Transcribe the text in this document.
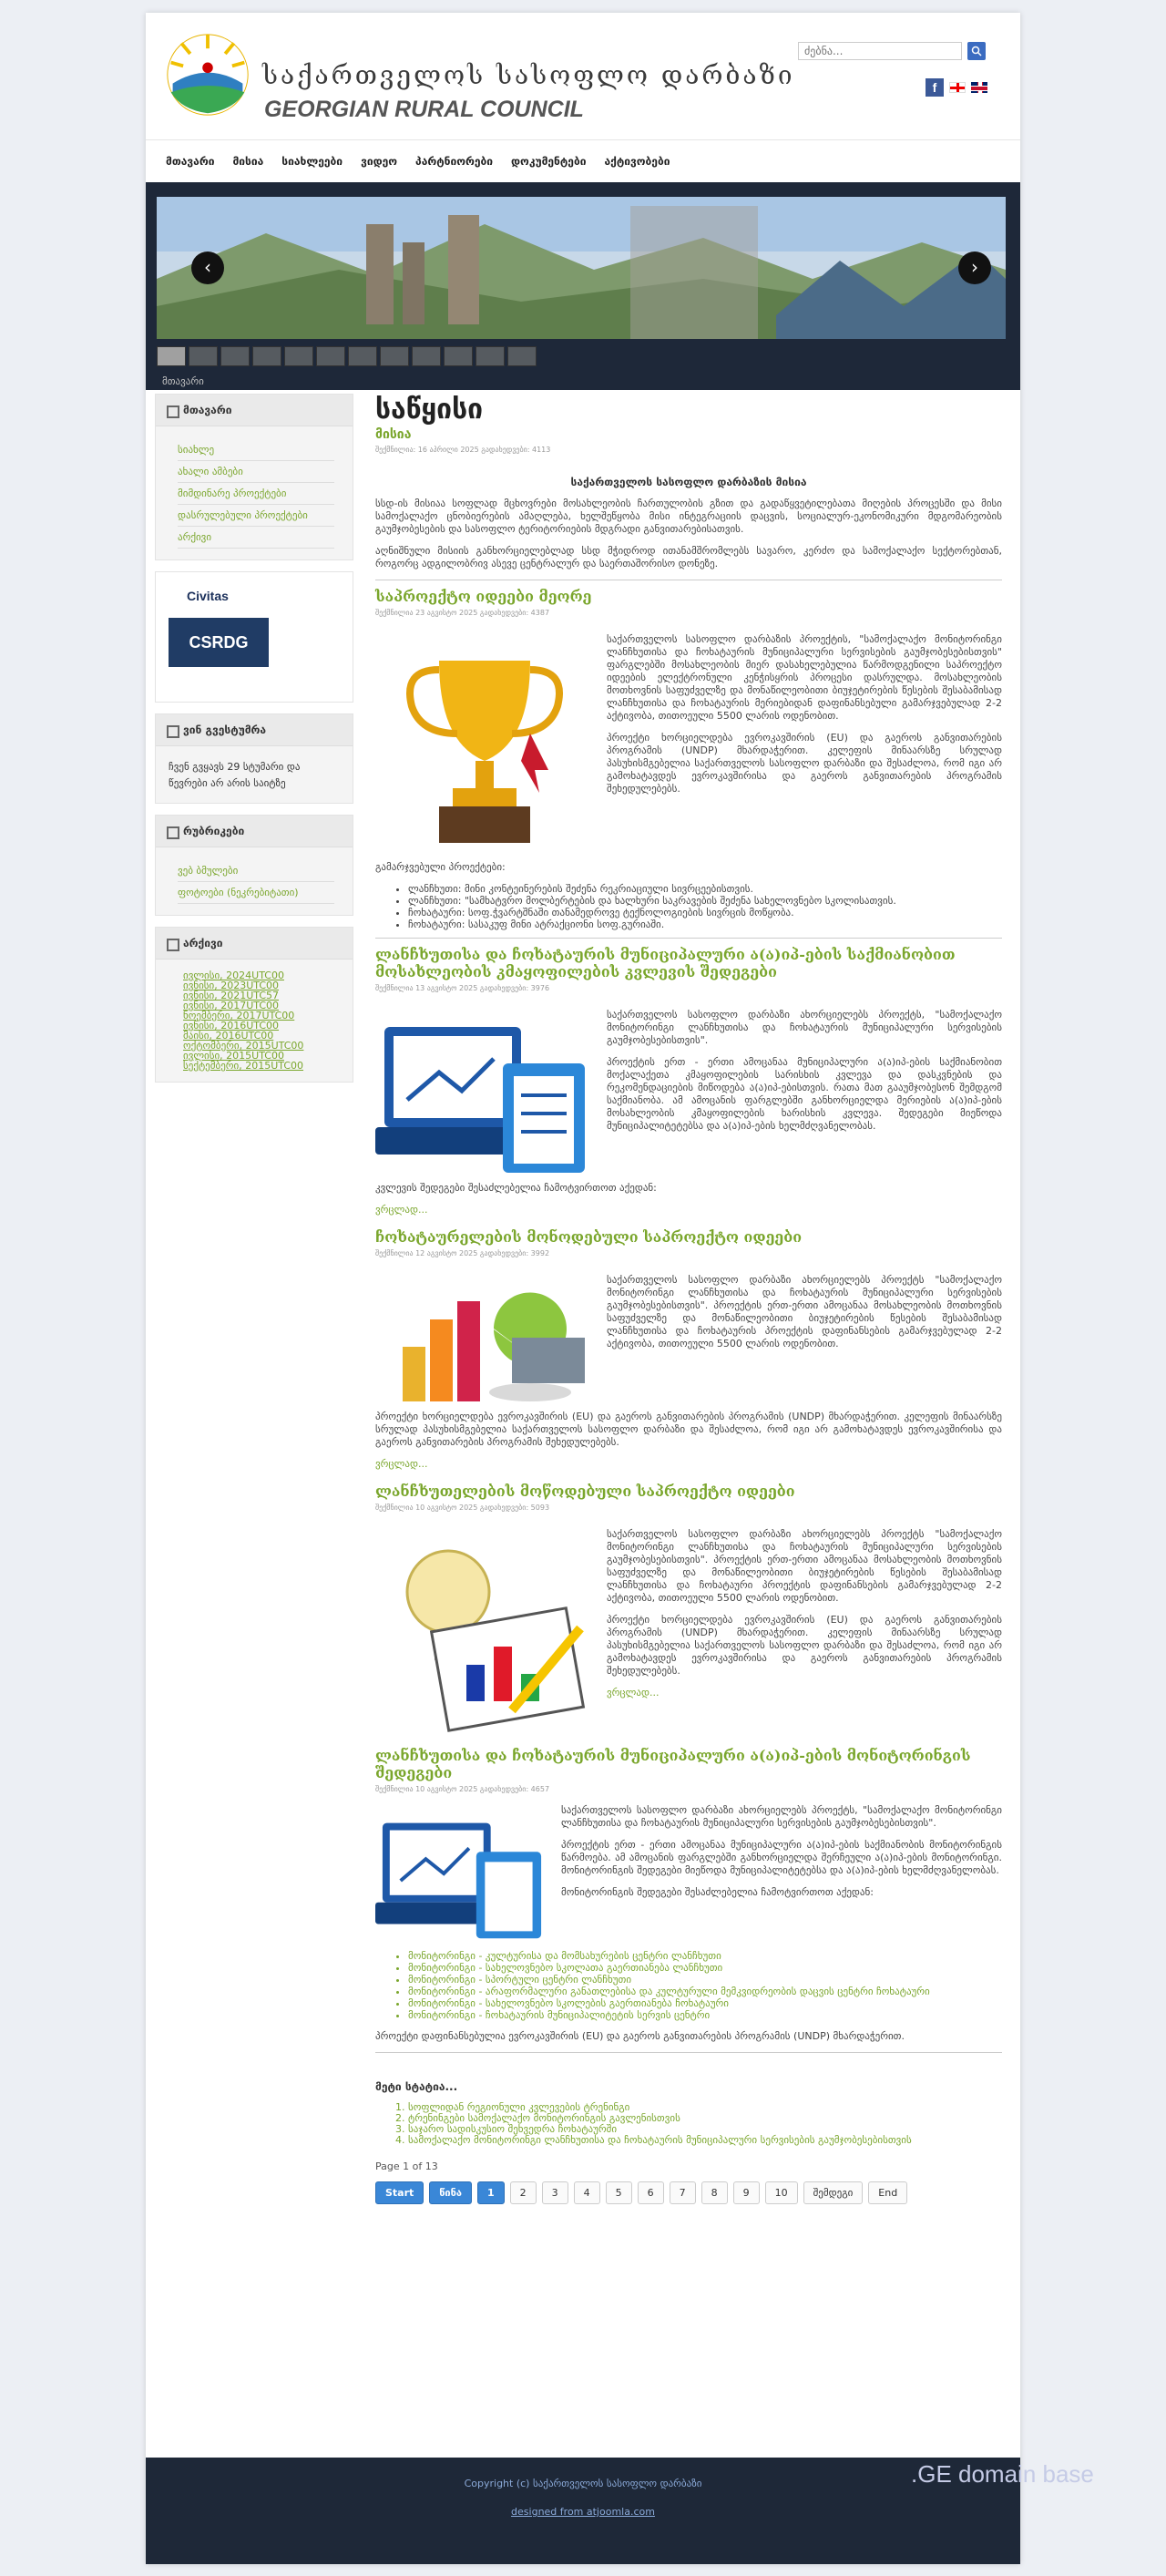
საქართველოს სასოფლო დარბაზი
GEORGIAN RURAL COUNCIL
ძებნა...
f
მთავარი	მისია	სიახლეები	ვიდეო	პარტნიორები	დოკუმენტები	აქტივობები
‹	›
მთავარი
მთავარი
სიახლე
ახალი ამბები
მიმდინარე პროექტები
დასრულებული პროექტები
არქივი
Civitas
CSRDG
ვინ გვესტუმრა
ჩვენ გვყავს 29 სტუმარი და წევრები არ არის საიტზე
რუბრიკები
ვებ ბმულები
ფოტოები (ნეკრებიტათი)
არქივი
ივლისი, 2024UTC00
ივნისი, 2023UTC00
ივნისი, 2021UTC57
ივნისი, 2017UTC00
ნოემბერი, 2017UTC00
ივნისი, 2016UTC00
მაისი, 2016UTC00
ოქტომბერი, 2015UTC00
ივლისი, 2015UTC00
სექტემბერი, 2015UTC00
საწყისი
მისია
შექმნილია: 16 აპრილი 2025 გადახედვები: 4113
საქართველოს სასოფლო დარბაზის მისია
სსდ-ის მისიაა სოფლად მცხოვრები მოსახლეობის ჩართულობის გზით და გადაწყვეტილებათა მიღების პროცესში და მისი სამოქალაქო ცნობიერების ამაღლება, ხელშეწყობა მისი ინტეგრაციის დაცვის, სოციალურ-ეკონომიკური მდგომარეობის გაუმჯობესების და სასოფლო ტერიტორიების მდგრადი განვითარებისათვის.
აღნიშნული მისიის განხორციელებლად სსდ მჭიდროდ ითანამშრომლებს სავარო, კერძო და სამოქალაქო სექტორებთან, როგორც ადგილობრივ ასევე ცენტრალურ და საერთაშორისო დონეზე.
საპროექტო იდეები მეორე
შექმნილია 23 აგვისტო 2025 გადახედვები: 4387
საქართველოს სასოფლო დარბაზის პროექტის, "სამოქალაქო მონიტორინგი ლანჩხუთისა და ჩოხატაურის მუნიციპალური სერვისების გაუმჯობესებისთვის" ფარგლებში მოსახლეობის მიერ დასახელებულია წარმოდგენილი საპროექტო იდეების ელექტრონული კენჭისყრის პროცესი დასრულდა. მოსახლეობის მოთხოვნის საფუძველზე და მონაწილეობითი ბიუჯეტირების წესების შესაბამისად ლანჩხუთისა და ჩოხატაურის მერიებიდან დაფინანსებული გამარჯვებულად 2-2 აქტივობა, თითოეული 5500 ლარის ოდენობით.
პროექტი ხორციელდება ევროკავშირის (EU) და გაეროს განვითარების პროგრამის (UNDP) მხარდაჭერით. კელეფის მინაარსზე სრულად პასუხისმგებელია საქართველოს სასოფლო დარბაზი და შესაძლოა, რომ იგი არ გამოხატავდეს ევროკავშირისა და გაეროს განვითარების პროგრამის შეხედულებებს.
გამარჯვებული პროექტები:
• ლანჩხუთი: მინი კონტეინერების შეძენა რეკრიაციული სივრცეებისთვის.
• ლანჩხუთი: "სამხატვრო მოლბერტების და ხალხური საკრავების შეძენა სახელოვნებო სკოლისათვის.
• ჩოხატაური: სოფ.ჭვარტშნაში თანამედროვე ტექნოლოგიების სივრცის მოწყობა.
• ჩოხატაური: სასაკუფ მინი ატრაქციონი სოფ.გურიაში.
ლანჩხუთისა და ჩოხატაურის მუნიციპალური ა(ა)იპ-ების საქმიანობით მოსახლეობის კმაყოფილების კვლევის შედეგები
შექმნილია 13 აგვისტო 2025 გადახედვები: 3976
საქართველოს სასოფლო დარბაზი ახორციელებს პროექტს, "სამოქალაქო მონიტორინგი ლანჩხუთისა და ჩოხატაურის მუნიციპალური სერვისების გაუმჯობესებისთვის".
პროექტის ერთ - ერთი ამოცანაა მუნიციპალური ა(ა)იპ-ების საქმიანობით მოქალაქეთა კმაყოფილების სარისხის კვლევა და დასკვნების და რეკომენდაციების მიწოდება ა(ა)იპ-ებისთვის. რათა მათ გააუმჯობესონ შემდგომ საქმიანობა. ამ ამოცანის ფარგლებში განხორციელდა მერიების ა(ა)იპ-ების მოსახლეობის კმაყოფილების ხარისხის კვლევა. შედეგები მიეწოდა მუნიციპალიტეტებსა და ა(ა)იპ-ების ხელმძღვანელობას.
კვლევის შედეგები შესაძლებელია ჩამოტვირთოთ აქედან:
ვრცლად...
ჩოხატაურელების მონოდებული საპროექტო იდეები
შექმნილია 12 აგვისტო 2025 გადახედვები: 3992
საქართველოს სასოფლო დარბაზი ახორციელებს პროექტს "სამოქალაქო მონიტორინგი ლანჩხუთისა და ჩოხატაურის მუნიციპალური სერვისების გაუმჯობესებისთვის". პროექტის ერთ-ერთი ამოცანაა მოსახლეობის მოთხოვნის საფუძველზე და მონაწილეობითი ბიუჯეტირების წესების შესაბამისად ლანჩხუთისა და ჩოხატაურის პროექტის დაფინანსების გამარჯვებულად 2-2 აქტივობა, თითოეული 5500 ლარის ოდენობით.
პროექტი ხორციელდება ევროკავშირის (EU) და გაეროს განვითარების პროგრამის (UNDP) მხარდაჭერით. კელეფის მინაარსზე სრულად პასუხისმგებელია საქართველოს სასოფლო დარბაზი და შესაძლოა, რომ იგი არ გამოხატავდეს ევროკავშირისა და გაეროს განვითარების პროგრამის შეხედულებებს.
ვრცლად...
ლანჩხუთელების მოწოდებული საპროექტო იდეები
შექმნილია 10 აგვისტო 2025 გადახედვები: 5093
საქართველოს სასოფლო დარბაზი ახორციელებს პროექტს "სამოქალაქო მონიტორინგი ლანჩხუთისა და ჩოხატაურის მუნიციპალური სერვისების გაუმჯობესებისთვის". პროექტის ერთ-ერთი ამოცანაა მოსახლეობის მოთხოვნის საფუძველზე და მონაწილეობითი ბიუჯეტირების წესების შესაბამისად ლანჩხუთისა და ჩოხატაური პროექტის დაფინანსების გამარჯვებულად 2-2 აქტივობა, თითოეული 5500 ლარის ოდენობით.
პროექტი ხორციელდება ევროკავშირის (EU) და გაეროს განვითარების პროგრამის (UNDP) მხარდაჭერით. კელეფის მინაარსზე სრულად პასუხისმგებელია საქართველოს სასოფლო დარბაზი და შესაძლოა, რომ იგი არ გამოხატავდეს ევროკავშირისა და გაეროს განვითარების პროგრამის შეხედულებებს.
ვრცლად...
ლანჩხუთისა და ჩოხატაურის მუნიციპალური ა(ა)იპ-ების მონიტორინგის შედეგები
შექმნილია 10 აგვისტო 2025 გადახედვები: 4657
საქართველოს სასოფლო დარბაზი ახორციელებს პროექტს, "სამოქალაქო მონიტორინგი ლანჩხუთისა და ჩოხატაურის მუნიციპალური სერვისების გაუმჯობესებისთვის".
პროექტის ერთ - ერთი ამოცანაა მუნიციპალური ა(ა)იპ-ების საქმიანობის მონიტორინგის წარმოება. ამ ამოცანის ფარგლებში განხორციელდა შერჩეული ა(ა)იპ-ების მონიტორინგი. მონიტორინგის შედეგები მიეწოდა მუნიციპალიტეტებსა და ა(ა)იპ-ების ხელმძღვანელობას.
მონიტორინგის შედეგები შესაძლებელია ჩამოტვირთოთ აქედან:
• მონიტორინგი - კულტურისა და მომსახურების ცენტრი ლანჩხუთი
• მონიტორინგი - სახელოვნებო სკოლათა გაერთიანება ლანჩხუთი
• მონიტორინგი - სპორტული ცენტრი ლანჩხუთი
• მონიტორინგი - არაფორმალური განათლებისა და კულტურული მემკვიდრეობის დაცვის ცენტრი ჩოხატაური
• მონიტორინგი - სახელოვნებო სკოლების გაერთიანება ჩოხატაური
• მონიტორინგი - ჩოხატაურის მუნიციპალიტეტის სერვის ცენტრი
პროექტი დაფინანსებულია ევროკავშირის (EU) და გაეროს განვითარების პროგრამის (UNDP) მხარდაჭერით.
მეტი სტატია...
1. სოფლიდან რეგიონული კვლევების ტრენინგი
2. ტრენინგები სამოქალაქო მონიტორინგის გავლენისთვის
3. საჯარო სადისკუსიო შეხვედრა ჩოხატაურში
4. სამოქალაქო მონიტორინგი ლანჩხუთისა და ჩოხატაურის მუნიციპალური სერვისების გაუმჯობესებისთვის
Page 1 of 13
Start	წინა	1	2	3	4	5	6	7	8	9	10	შემდეგი	End
Copyright (c) საქართველოს სასოფლო დარბაზი
designed from atjoomla.com
.GE domain base
